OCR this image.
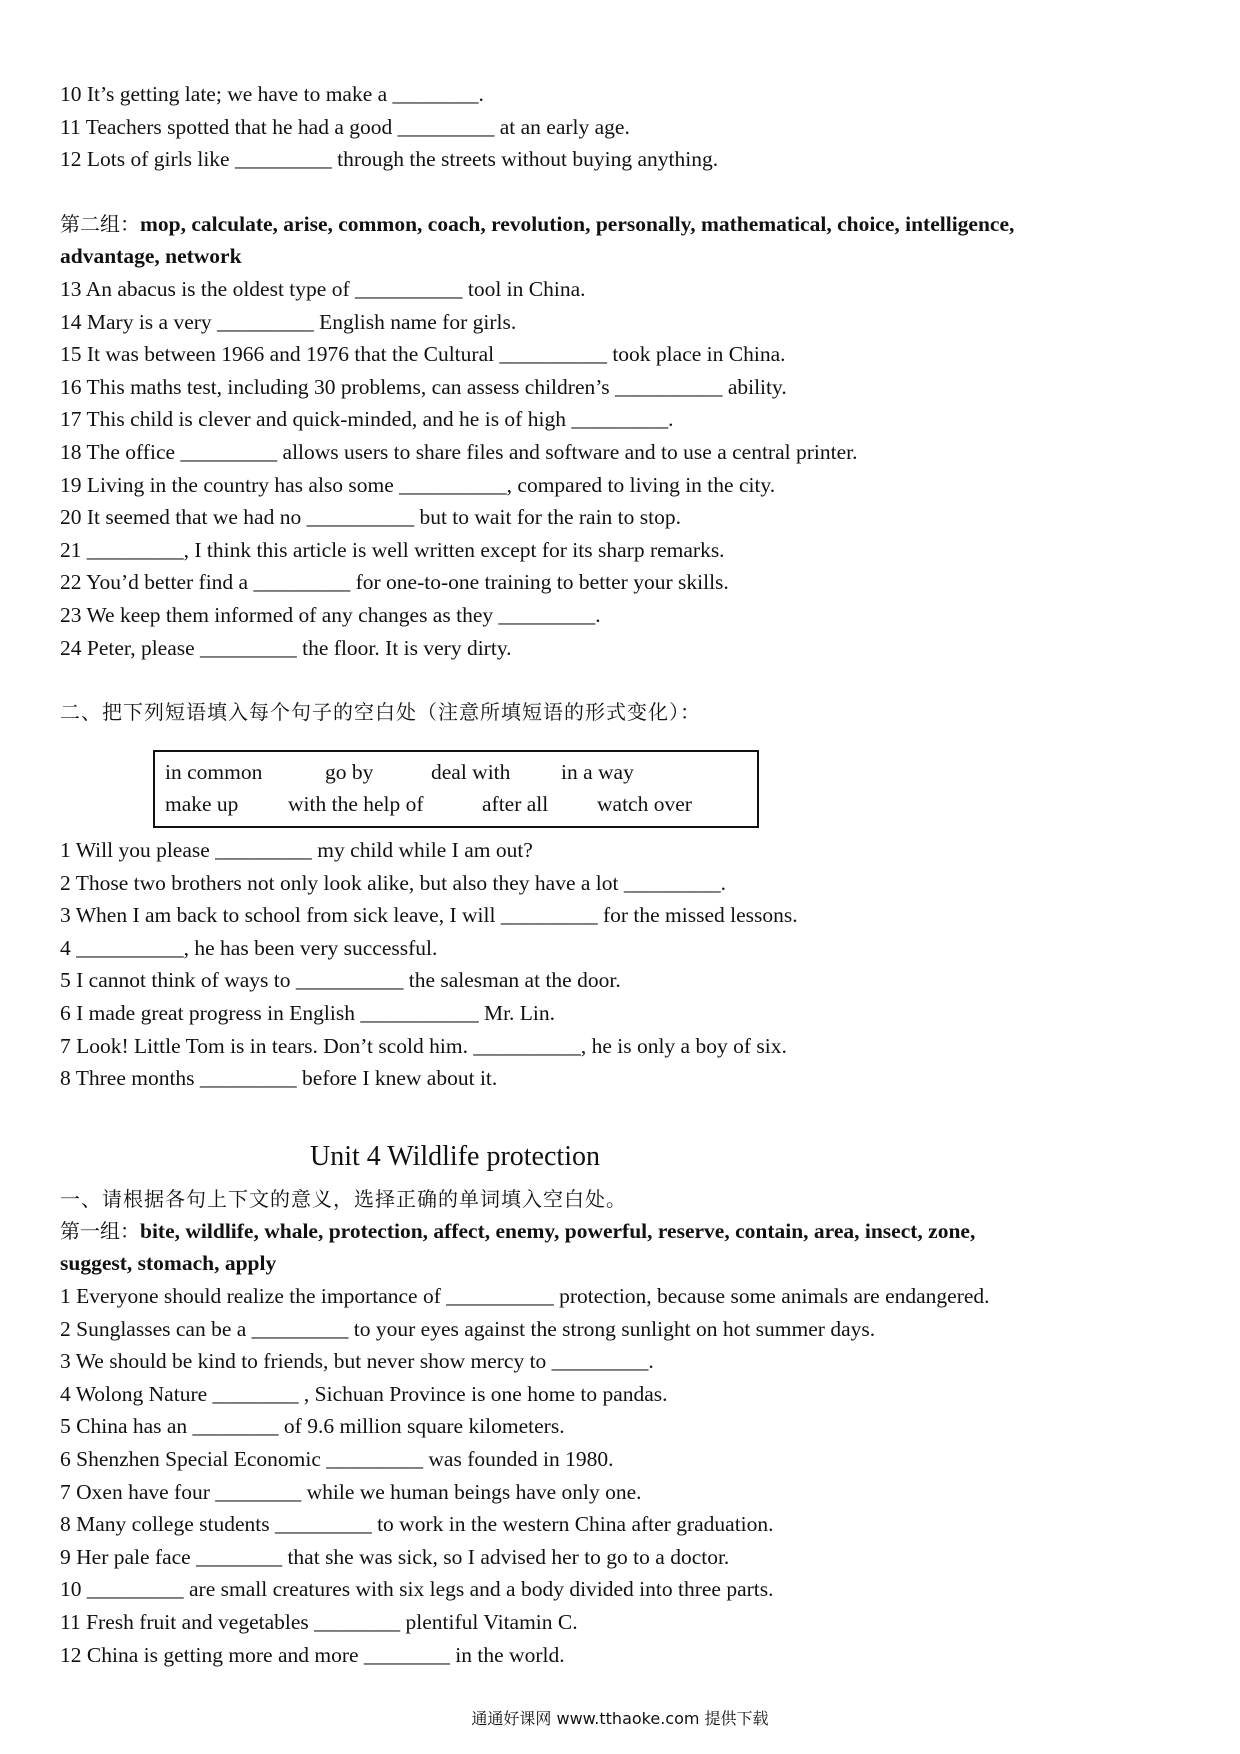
10 It’s getting late; we have to make a ________.
11 Teachers spotted that he had a good _________ at an early age.
12 Lots of girls like _________ through the streets without buying anything.
第二组：mop, calculate, arise, common, coach, revolution, personally, mathematical, choice, intelligence,
advantage, network
13 An abacus is the oldest type of __________ tool in China.
14 Mary is a very _________ English name for girls.
15 It was between 1966 and 1976 that the Cultural __________ took place in China.
16 This maths test, including 30 problems, can assess children’s __________ ability.
17 This child is clever and quick-minded, and he is of high _________.
18 The office _________ allows users to share files and software and to use a central printer.
19 Living in the country has also some __________, compared to living in the city.
20 It seemed that we had no __________ but to wait for the rain to stop.
21 _________, I think this article is well written except for its sharp remarks.
22 You’d better find a _________ for one-to-one training to better your skills.
23 We keep them informed of any changes as they _________.
24 Peter, please _________ the floor. It is very dirty.
二、把下列短语填入每个句子的空白处（注意所填短语的形式变化）：
in common	go by	deal with	in a way
make up	with the help of	after all	watch over
1 Will you please _________ my child while I am out?
2 Those two brothers not only look alike, but also they have a lot _________.
3 When I am back to school from sick leave, I will _________ for the missed lessons.
4 __________, he has been very successful.
5 I cannot think of ways to __________ the salesman at the door.
6 I made great progress in English ___________ Mr. Lin.
7 Look! Little Tom is in tears. Don’t scold him. __________, he is only a boy of six.
8 Three months _________ before I knew about it.
Unit 4 Wildlife protection
一、请根据各句上下文的意义，选择正确的单词填入空白处。
第一组：bite, wildlife, whale, protection, affect, enemy, powerful, reserve, contain, area, insect, zone,
suggest, stomach, apply
1 Everyone should realize the importance of __________ protection, because some animals are endangered.
2 Sunglasses can be a _________ to your eyes against the strong sunlight on hot summer days.
3 We should be kind to friends, but never show mercy to _________.
4 Wolong Nature ________ , Sichuan Province is one home to pandas.
5 China has an ________ of 9.6 million square kilometers.
6 Shenzhen Special Economic _________ was founded in 1980.
7 Oxen have four ________ while we human beings have only one.
8 Many college students _________ to work in the western China after graduation.
9 Her pale face ________ that she was sick, so I advised her to go to a doctor.
10 _________ are small creatures with six legs and a body divided into three parts.
11 Fresh fruit and vegetables ________ plentiful Vitamin C.
12 China is getting more and more ________ in the world.
通通好课网 www.tthaoke.com 提供下载
